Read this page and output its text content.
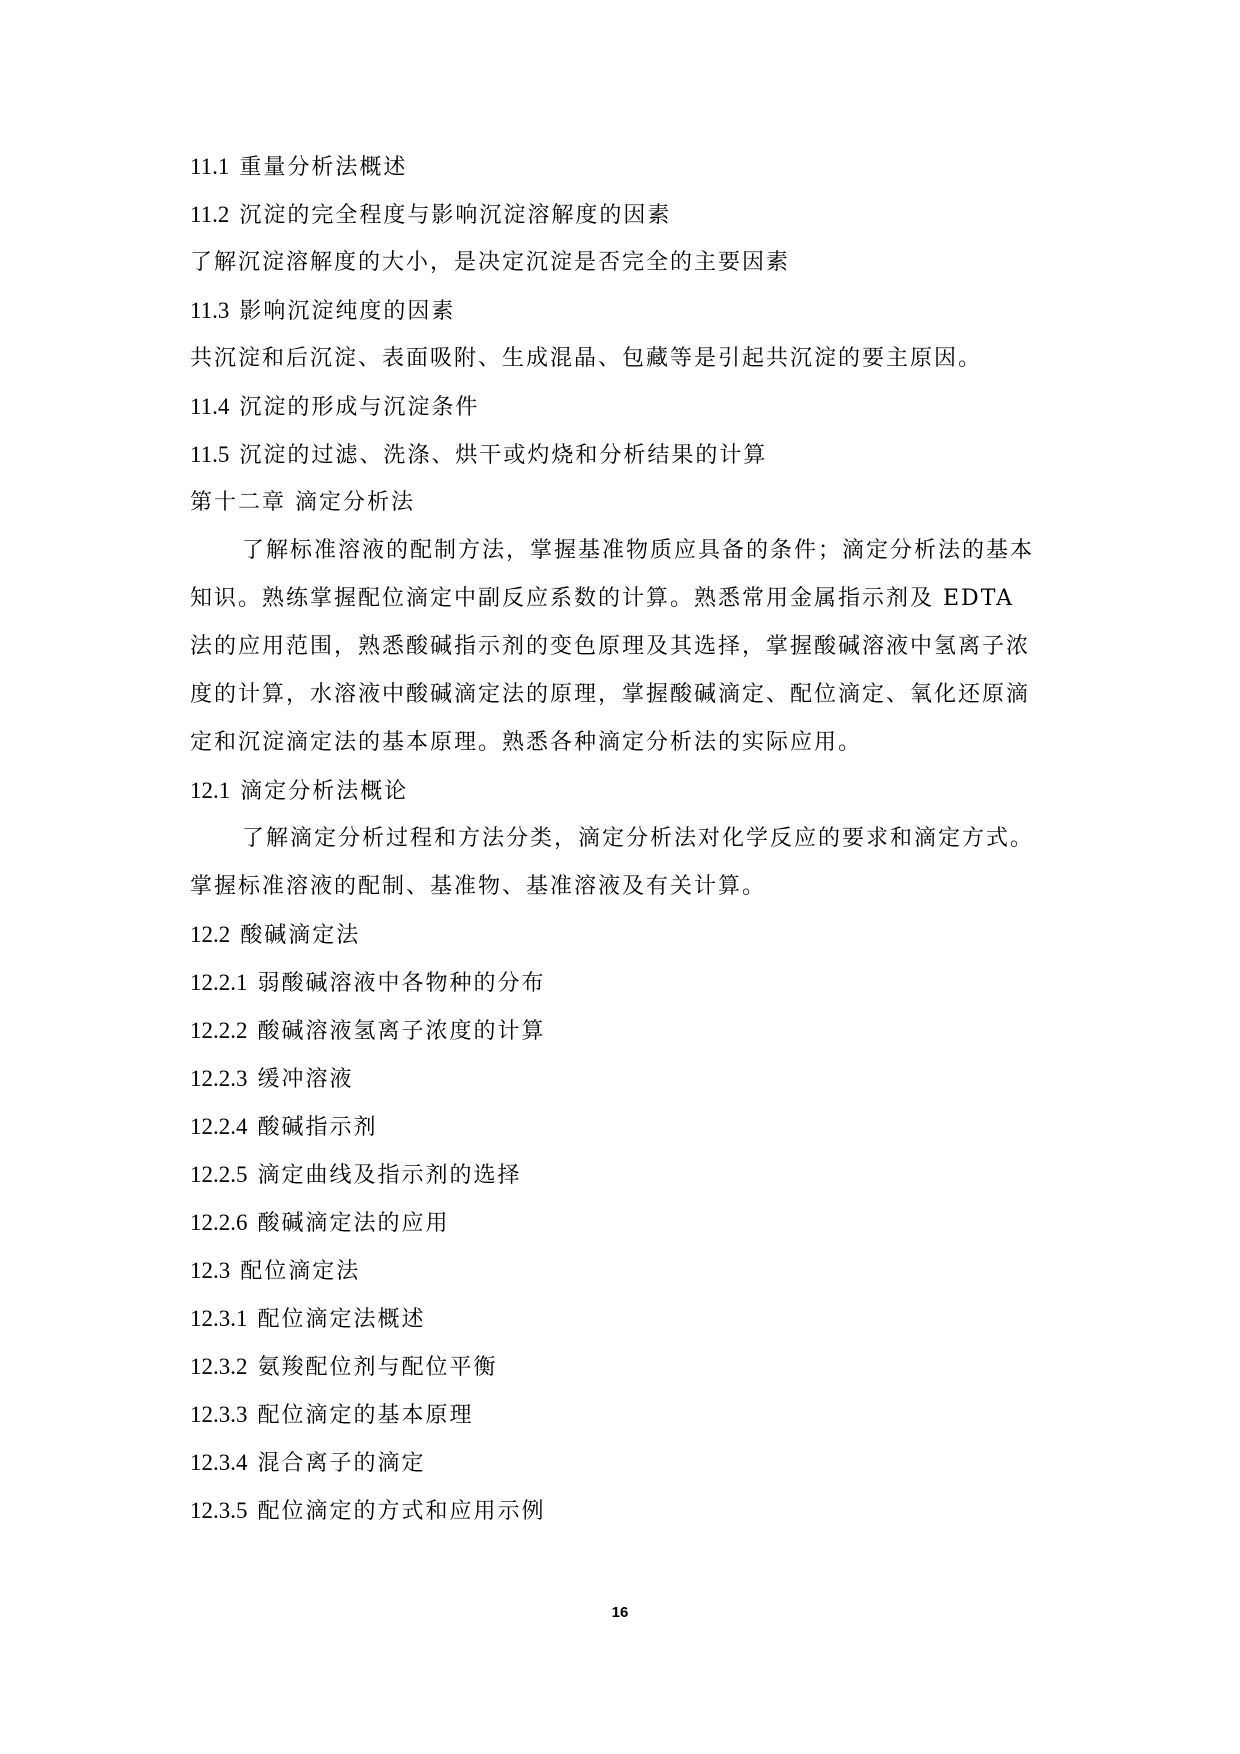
11.1 重量分析法概述
11.2 沉淀的完全程度与影响沉淀溶解度的因素
了解沉淀溶解度的大小，是决定沉淀是否完全的主要因素
11.3 影响沉淀纯度的因素
共沉淀和后沉淀、表面吸附、生成混晶、包藏等是引起共沉淀的要主原因。
11.4 沉淀的形成与沉淀条件
11.5 沉淀的过滤、洗涤、烘干或灼烧和分析结果的计算
第十二章 滴定分析法
了解标准溶液的配制方法，掌握基准物质应具备的条件；滴定分析法的基本
知识。熟练掌握配位滴定中副反应系数的计算。熟悉常用金属指示剂及 EDTA
法的应用范围，熟悉酸碱指示剂的变色原理及其选择，掌握酸碱溶液中氢离子浓
度的计算，水溶液中酸碱滴定法的原理，掌握酸碱滴定、配位滴定、氧化还原滴
定和沉淀滴定法的基本原理。熟悉各种滴定分析法的实际应用。
12.1 滴定分析法概论
了解滴定分析过程和方法分类，滴定分析法对化学反应的要求和滴定方式。
掌握标准溶液的配制、基准物、基准溶液及有关计算。
12.2 酸碱滴定法
12.2.1 弱酸碱溶液中各物种的分布
12.2.2 酸碱溶液氢离子浓度的计算
12.2.3 缓冲溶液
12.2.4 酸碱指示剂
12.2.5 滴定曲线及指示剂的选择
12.2.6 酸碱滴定法的应用
12.3 配位滴定法
12.3.1 配位滴定法概述
12.3.2 氨羧配位剂与配位平衡
12.3.3 配位滴定的基本原理
12.3.4 混合离子的滴定
12.3.5 配位滴定的方式和应用示例
16
